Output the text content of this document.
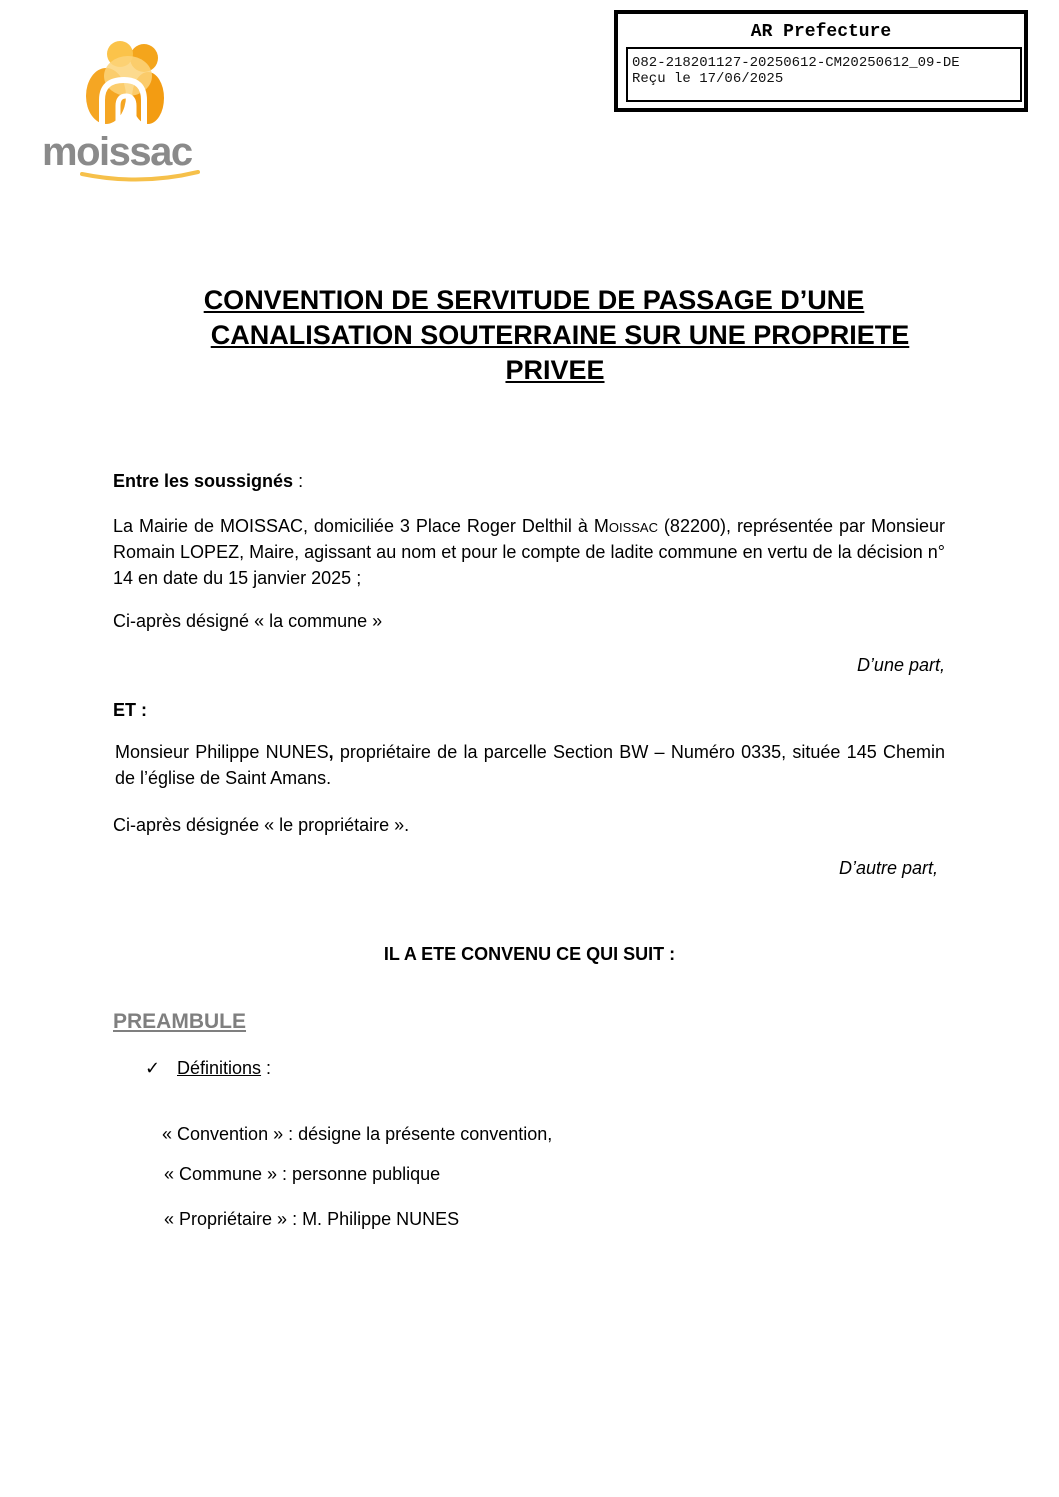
moissac
AR Prefecture
082-218201127-20250612-CM20250612_09-DE
Reçu le 17/06/2025
CONVENTION DE SERVITUDE DE PASSAGE D’UNE
CANALISATION SOUTERRAINE SUR UNE PROPRIETE
PRIVEE
Entre les soussignés :
La Mairie de MOISSAC, domiciliée 3 Place Roger Delthil à Moissac (82200), représentée par Monsieur Romain LOPEZ, Maire, agissant au nom et pour le compte de ladite commune en vertu de la décision n° 14 en date du 15 janvier 2025 ;
Ci-après désigné « la commune »
D’une part,
ET :
Monsieur Philippe NUNES, propriétaire de la parcelle Section BW – Numéro 0335, située 145 Chemin de l’église de Saint Amans.
Ci-après désignée « le propriétaire ».
D’autre part,
IL A ETE CONVENU CE QUI SUIT :
PREAMBULE
✓ Définitions :
« Convention » : désigne la présente convention,
« Commune » : personne publique
« Propriétaire » : M. Philippe NUNES
